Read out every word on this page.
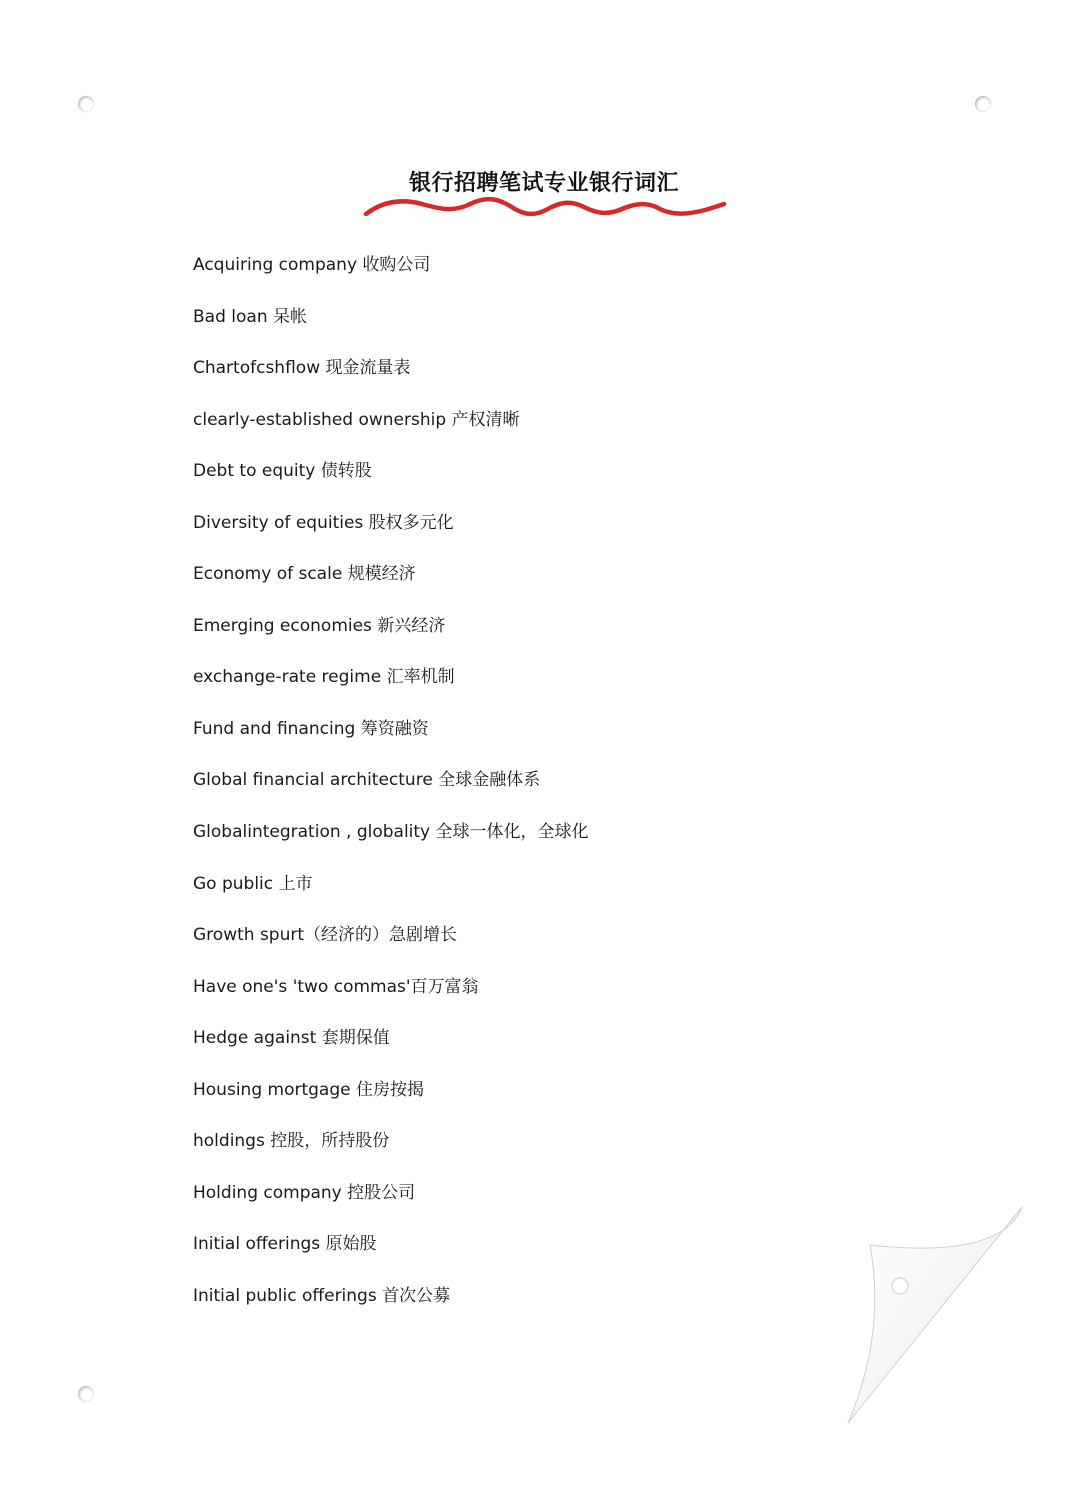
银行招聘笔试专业银行词汇
Acquiring company 收购公司
Bad loan 呆帐
Chartofcshflow 现金流量表
clearly-established ownership 产权清晰
Debt to equity 债转股
Diversity of equities 股权多元化
Economy of scale 规模经济
Emerging economies 新兴经济
exchange-rate regime 汇率机制
Fund and financing 筹资融资
Global financial architecture 全球金融体系
Globalintegration , globality 全球一体化，全球化
Go public 上市
Growth spurt（经济的）急剧增长
Have one's 'two commas'百万富翁
Hedge against 套期保值
Housing mortgage 住房按揭
holdings 控股，所持股份
Holding company 控股公司
Initial offerings 原始股
Initial public offerings 首次公募
